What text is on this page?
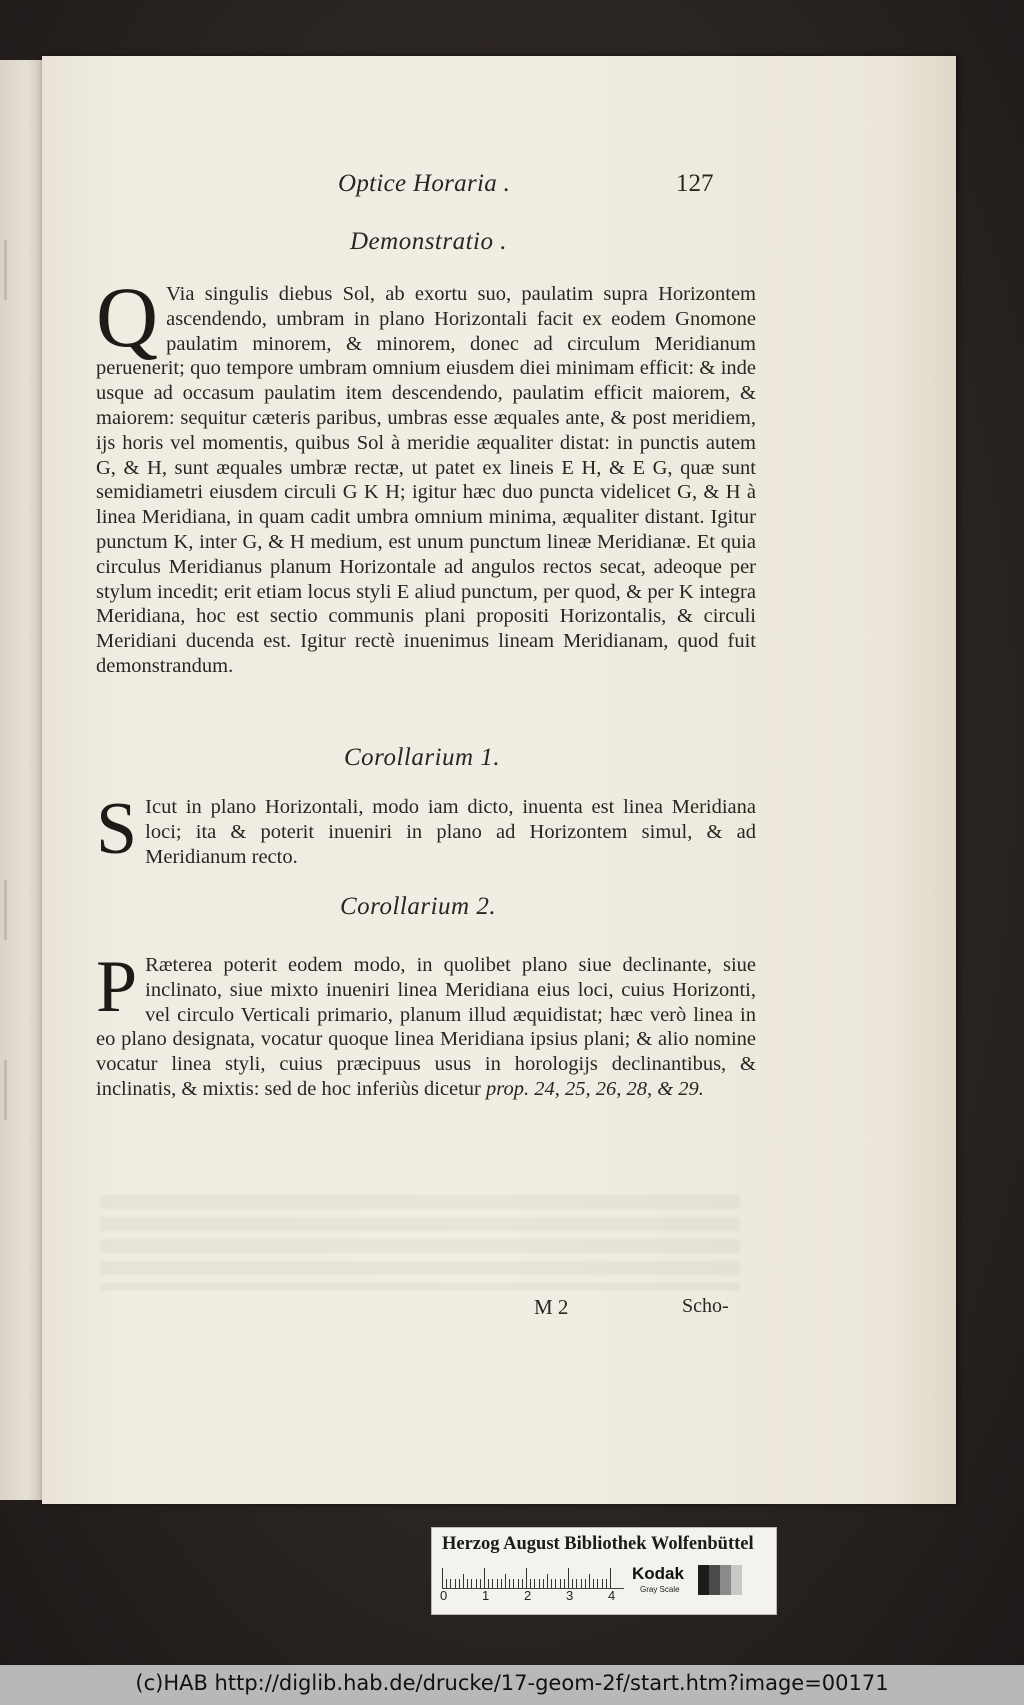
Optice Horaria .	127
Demonstratio .
Q Via singulis diebus Sol, ab exortu suo, paulatim supra Horizontem ascendendo, umbram in plano Horizontali facit ex eodem Gnomone paulatim minorem, & minorem, donec ad circulum Meridianum peruenerit; quo tempore umbram omnium eiusdem diei minimam efficit: & inde usque ad occasum paulatim item descendendo, paulatim efficit maiorem, & maiorem: sequitur cæteris paribus, umbras esse æquales ante, & post meridiem, ijs horis vel momentis, quibus Sol à meridie æqualiter distat: in punctis autem G, & H, sunt æquales umbræ rectæ, ut patet ex lineis E H, & E G, quæ sunt semidiametri eiusdem circuli G K H; igitur hæc duo puncta videlicet G, & H à linea Meridiana, in quam cadit umbra omnium minima, æqualiter distant. Igitur punctum K, inter G, & H medium, est unum punctum lineæ Meridianæ. Et quia circulus Meridianus planum Horizontale ad angulos rectos secat, adeoque per stylum incedit; erit etiam locus styli E aliud punctum, per quod, & per K integra Meridiana, hoc est sectio communis plani propositi Horizontalis, & circuli Meridiani ducenda est. Igitur rectè inuenimus lineam Meridianam, quod fuit demonstrandum.
Corollarium 1.
S Icut in plano Horizontali, modo iam dicto, inuenta est linea Meridiana loci; ita & poterit inueniri in plano ad Horizontem simul, & ad Meridianum recto.
Corollarium 2.
P Ræterea poterit eodem modo, in quolibet plano siue declinante, siue inclinato, siue mixto inueniri linea Meridiana eius loci, cuius Horizonti, vel circulo Verticali primario, planum illud æquidistat; hæc verò linea in eo plano designata, vocatur quoque linea Meridiana ipsius plani; & alio nomine vocatur linea styli, cuius præcipuus usus in horologijs declinantibus, & inclinatis, & mixtis: sed de hoc inferiùs dicetur prop. 24, 25, 26, 28, & 29.
M 2	Scho-
Herzog August Bibliothek Wolfenbüttel
0	1	2	3	4
Kodak
Gray Scale
(c)HAB http://diglib.hab.de/drucke/17-geom-2f/start.htm?image=00171
